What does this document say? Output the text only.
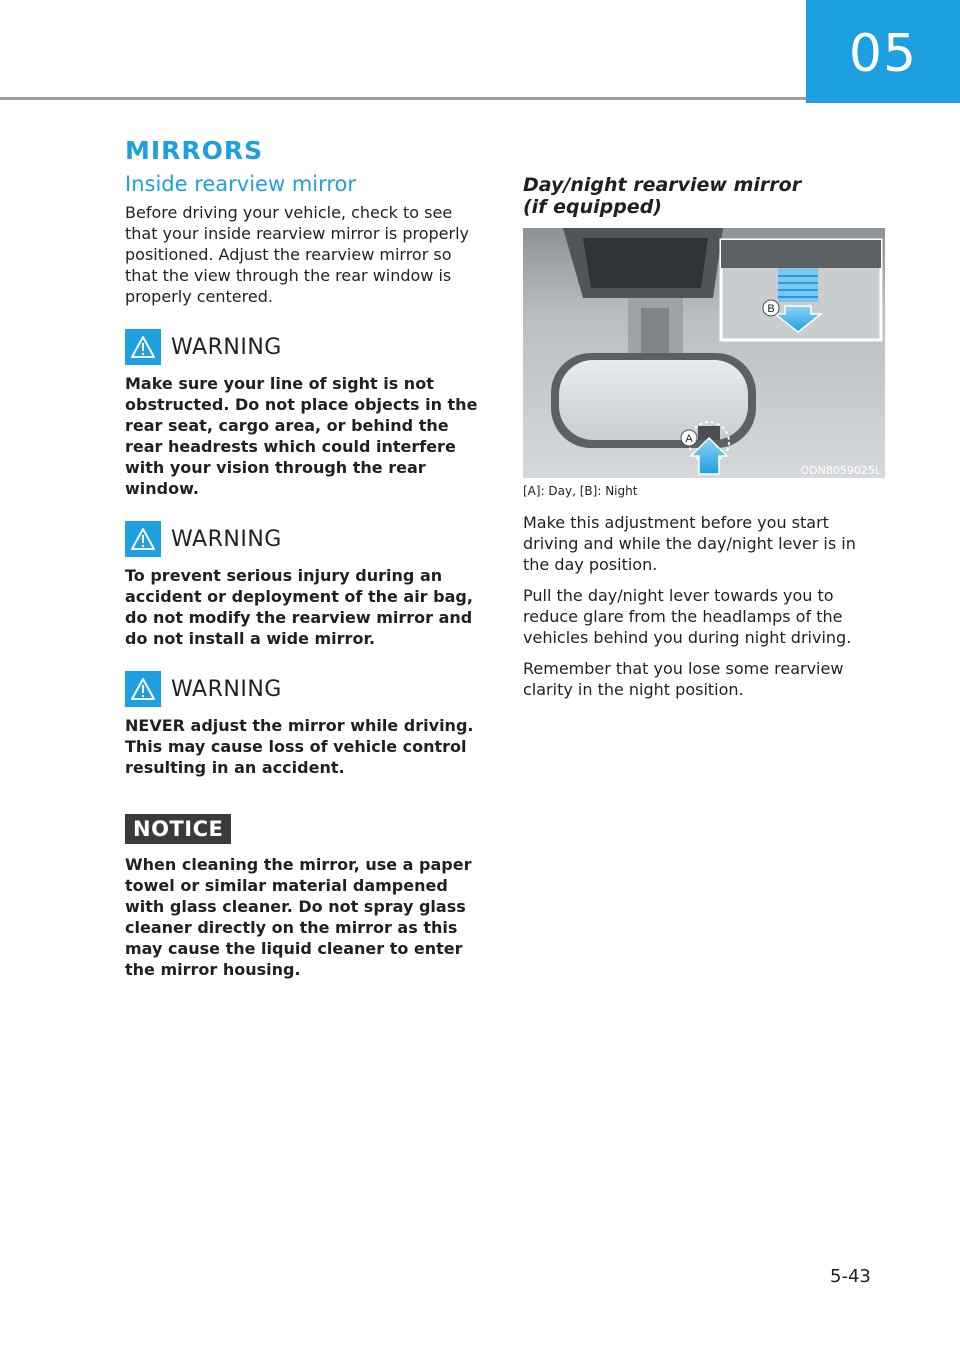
05
MIRRORS
Inside rearview mirror

Before driving your vehicle, check to see that your inside rearview mirror is properly positioned. Adjust the rearview mirror so that the view through the rear window is properly centered.

WARNING

Make sure your line of sight is not obstructed. Do not place objects in the rear seat, cargo area, or behind the rear headrests which could interfere with your vision through the rear window.

WARNING

To prevent serious injury during an accident or deployment of the air bag, do not modify the rearview mirror and do not install a wide mirror.

WARNING

NEVER adjust the mirror while driving. This may cause loss of vehicle control resulting in an accident.

NOTICE

When cleaning the mirror, use a paper towel or similar material dampened with glass cleaner. Do not spray glass cleaner directly on the mirror as this may cause the liquid cleaner to enter the mirror housing.

Day/night rearview mirror (if equipped)
A
B
ODN8059025L

[A]: Day, [B]: Night

Make this adjustment before you start driving and while the day/night lever is in the day position.

Pull the day/night lever towards you to reduce glare from the headlamps of the vehicles behind you during night driving.

Remember that you lose some rearview clarity in the night position.

5-43
